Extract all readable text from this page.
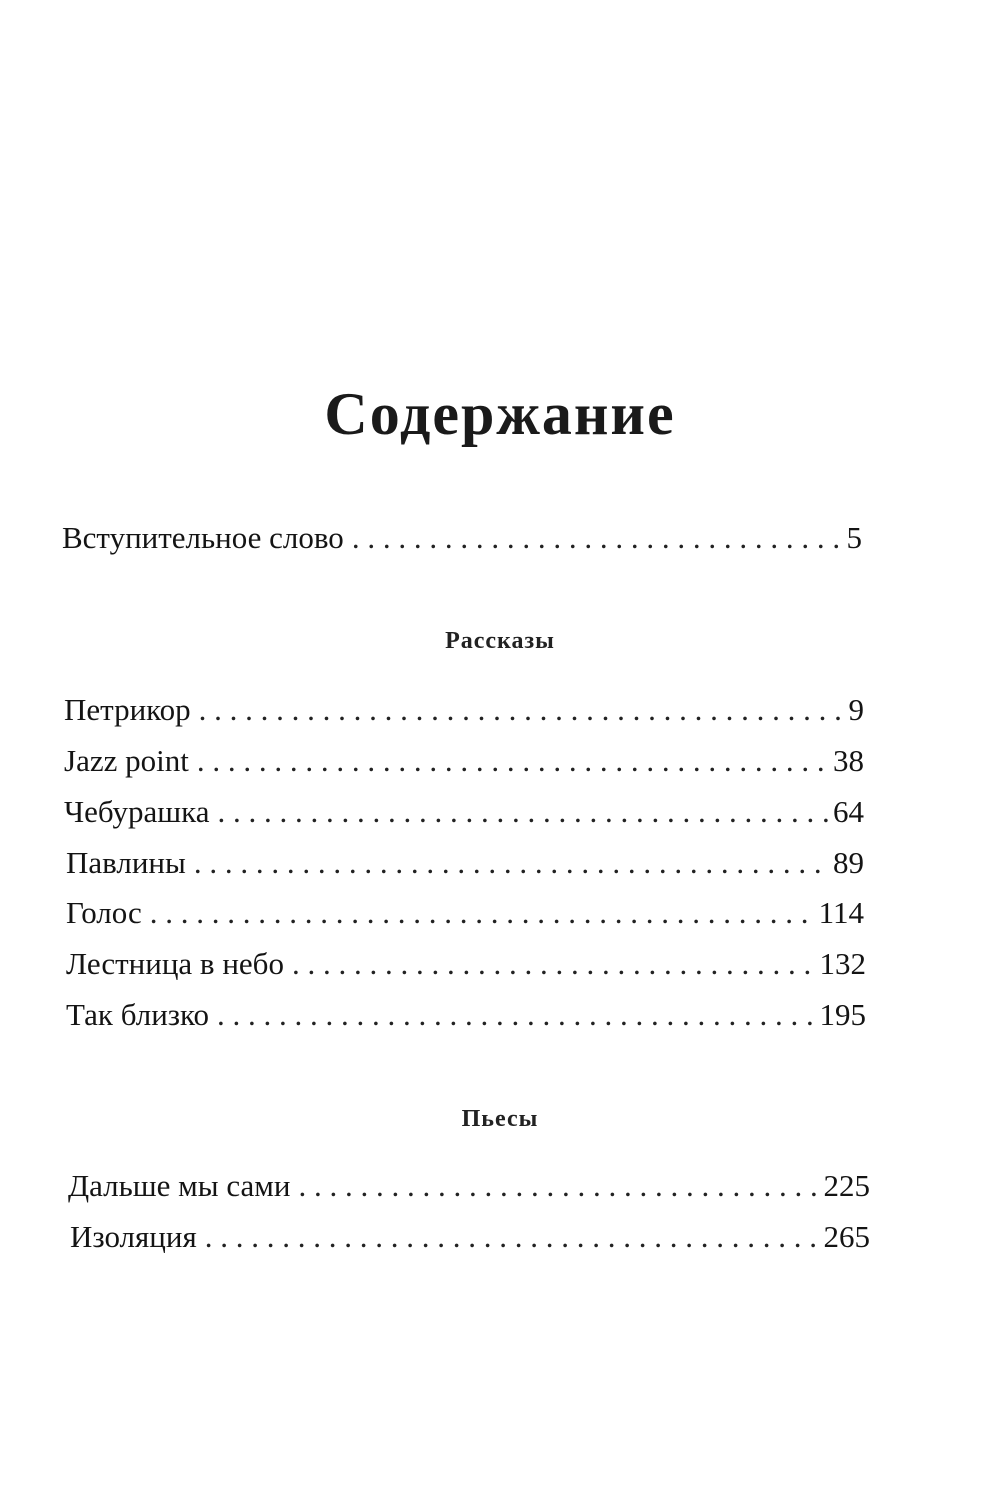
Содержание
Вступительное слово . . .	5
Рассказы
Петрикор . . .	9
Jazz point . . .	38
Чебурашка . . .	64
Павлины . . .	89
Голос . . .	114
Лестница в небо . . .	132
Так близко . . .	195
Пьесы
Дальше мы сами . . .	225
Изоляция . . .	265
